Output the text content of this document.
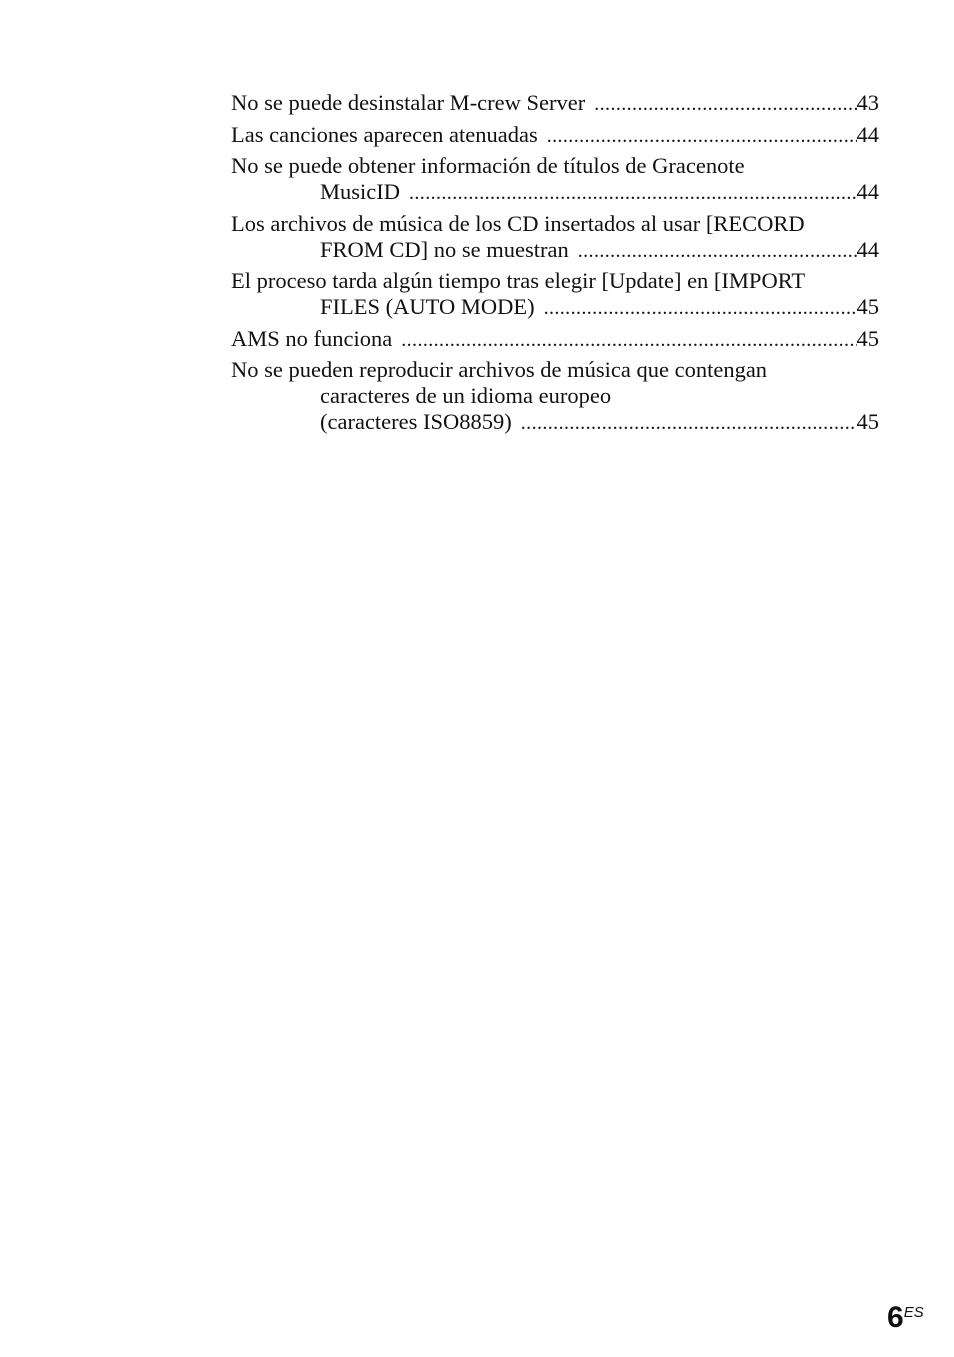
No se puede desinstalar M-crew Server .....	43
Las canciones aparecen atenuadas .....	44
No se puede obtener información de títulos de Gracenote
MusicID .....	44
Los archivos de música de los CD insertados al usar [RECORD
FROM CD] no se muestran .....	44
El proceso tarda algún tiempo tras elegir [Update] en [IMPORT
FILES (AUTO MODE) .....	45
AMS no funciona .....	45
No se pueden reproducir archivos de música que contengan
caracteres de un idioma europeo
(caracteres ISO8859) .....	45
6ES
